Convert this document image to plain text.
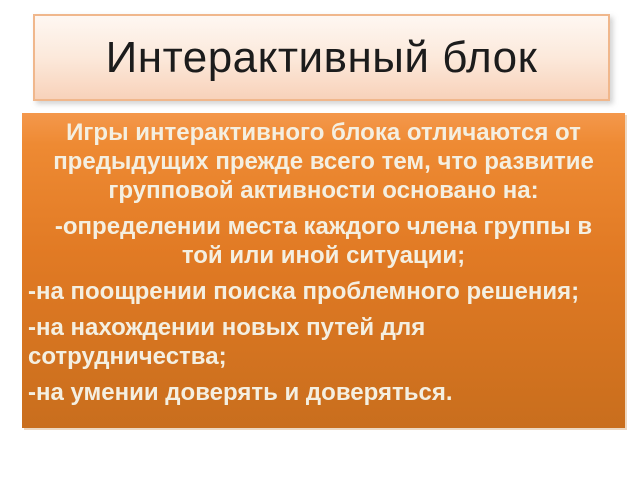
Интерактивный блок
Игры интерактивного блока отличаются от
предыдущих прежде всего тем, что развитие
групповой активности основано на:
-определении места каждого члена группы в
той или иной ситуации;
-на поощрении поиска проблемного решения;
-на нахождении новых путей для
сотрудничества;
-на умении доверять и доверяться.
